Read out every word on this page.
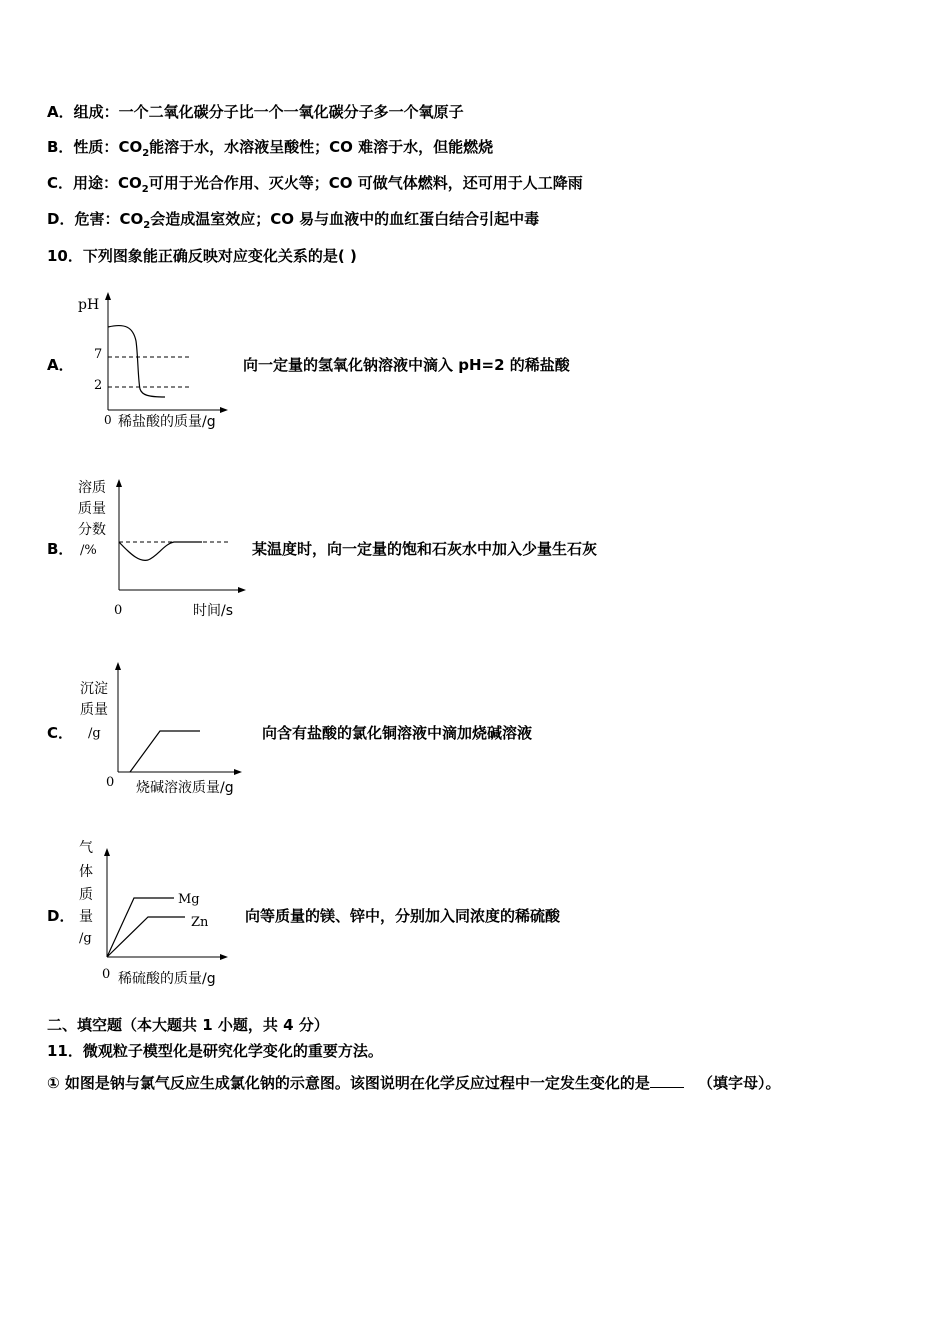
A．组成：一个二氧化碳分子比一个一氧化碳分子多一个氧原子
B．性质：$CO_2$能溶于水，水溶液呈酸性；CO 难溶于水，但能燃烧
C．用途：$CO_2$可用于光合作用、灭火等；CO 可做气体燃料，还可用于人工降雨
D．危害：$CO_2$会造成温室效应；CO 易与血液中的血红蛋白结合引起中毒
10．下列图象能正确反映对应变化关系的是( )
A．
pH
7
2
0 稀盐酸的质量/g
向一定量的氢氧化钠溶液中滴入 pH=2 的稀盐酸
B．
溶质
质量
分数
/%
0	时间/s
某温度时，向一定量的饱和石灰水中加入少量生石灰
C．
沉淀
质量
/g
0 烧碱溶液质量/g
向含有盐酸的氯化铜溶液中滴加烧碱溶液
D．
气
体
质
量
/g
Mg
Zn
0 稀硫酸的质量/g
向等质量的镁、锌中，分别加入同浓度的稀硫酸
二、填空题（本大题共 1 小题，共 4 分）
11．微观粒子模型化是研究化学变化的重要方法。
① 如图是钠与氯气反应生成氯化钠的示意图。该图说明在化学反应过程中一定发生变化的是	（填字母）。
